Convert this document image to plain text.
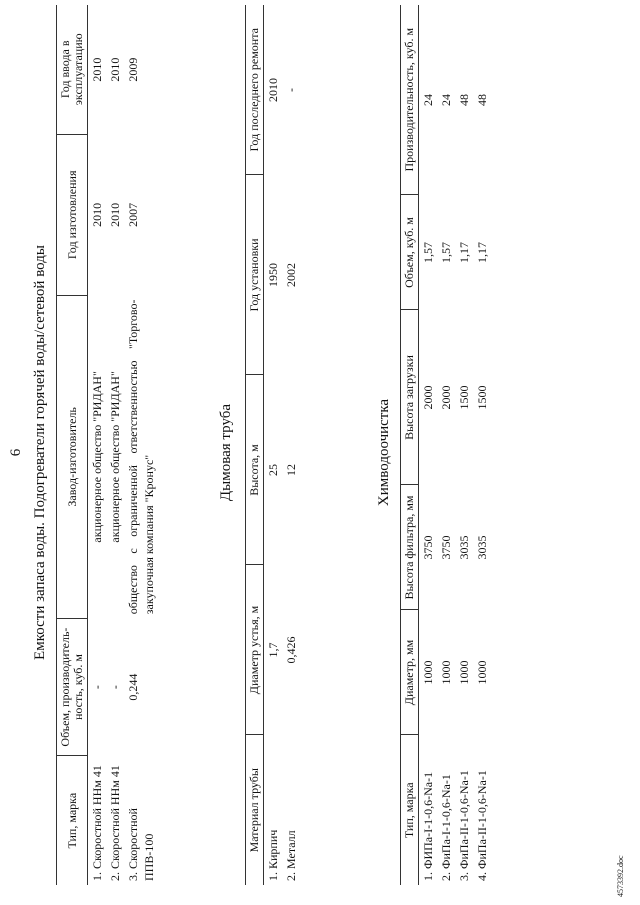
6 Емкости запаса воды. Подогреватели горячей воды/сетевой воды
Тип, марка	Объем, производитель-ность, куб. м	Завод-изготовитель	Год изготовления	Год ввода в эксплуатацию
1. Скоростной ННм 41	-	акционерное общество "РИДАН"	2010	2010
2. Скоростной ННм 41	-	акционерное общество "РИДАН"	2010	2010
3. Скоростной ППВ-100	0,244	общество с ограниченной ответственностью "Торгово-закупочная компания "Кронус"	2007	2009
Дымовая труба
Материал трубы	Диаметр устья, м	Высота, м	Год установки	Год последнего ремонта
1. Кирпич	1,7	25	1950	2010
2. Металл	0,426	12	2002	-
Химводоочистка
Тип, марка	Диаметр, мм	Высота фильтра, мм	Высота загрузки	Объем, куб. м	Производительность, куб. м
1. ФИПа-I-1-0,6-Na-1	1000	3750	2000	1,57	24
2. ФиПа-I-1-0,6-Na-1	1000	3750	2000	1,57	24
3. ФиПа-II-1-0,6-Na-1	1000	3035	1500	1,17	48
4. ФиПа-II-1-0,6-Na-1	1000	3035	1500	1,17	48
4573392.doc
